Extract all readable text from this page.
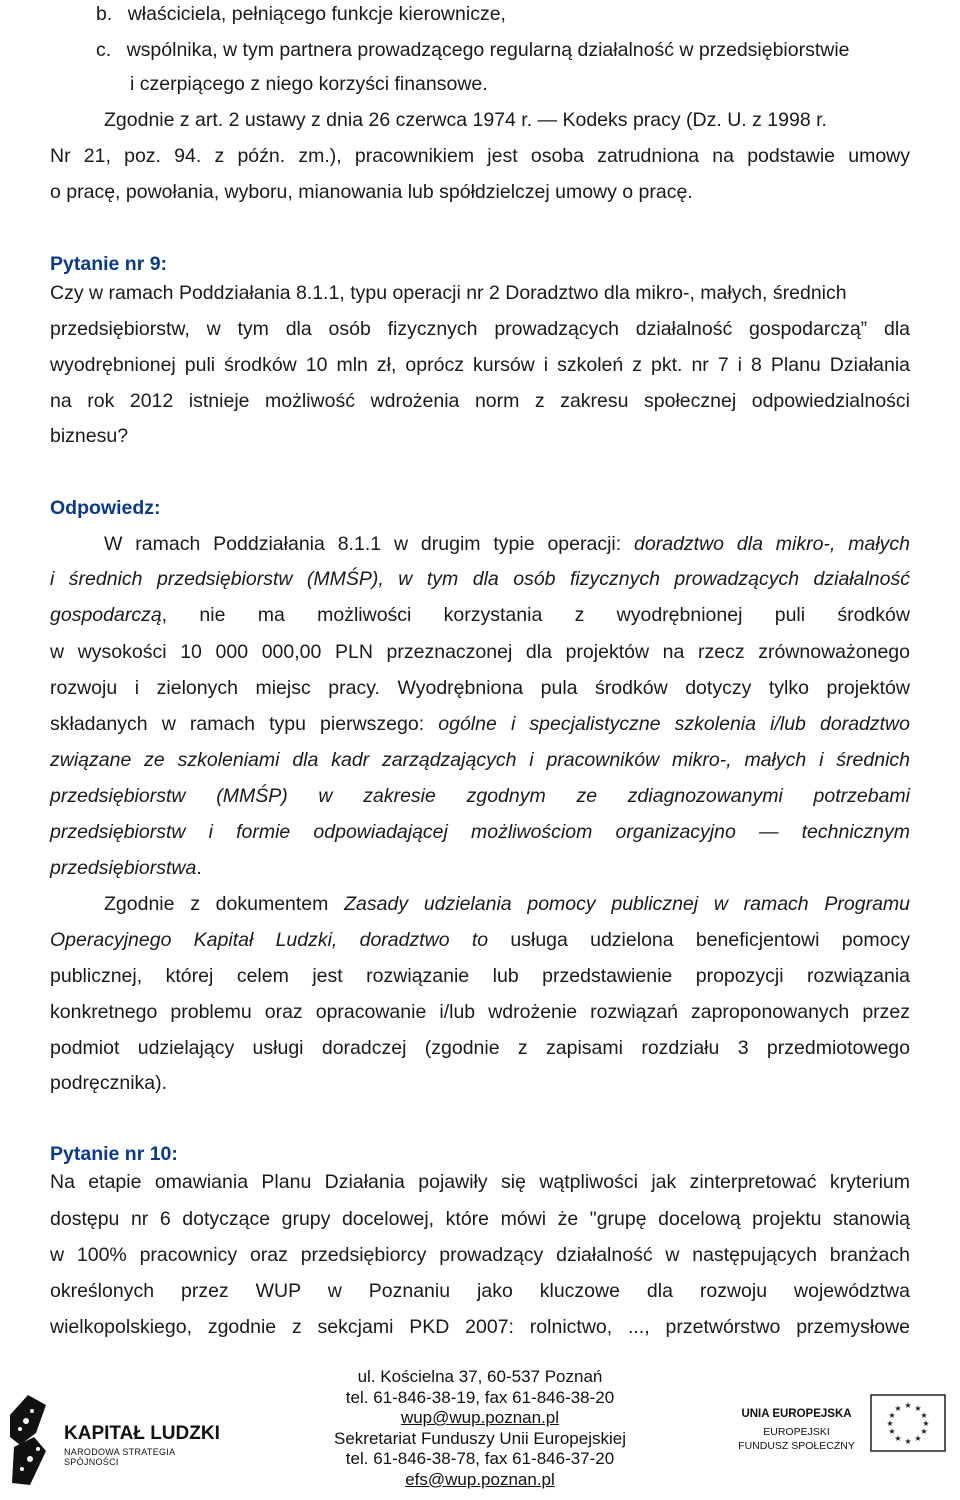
b. właściciela, pełniącego funkcje kierownicze,
c. wspólnika, w tym partnera prowadzącego regularną działalność w przedsiębiorstwie
i czerpiącego z niego korzyści finansowe.
Zgodnie z art. 2 ustawy z dnia 26 czerwca 1974 r. — Kodeks pracy (Dz. U. z 1998 r.
Nr 21, poz. 94. z późn. zm.), pracownikiem jest osoba zatrudniona na podstawie umowy
o pracę, powołania, wyboru, mianowania lub spółdzielczej umowy o pracę.
Pytanie nr 9:
Czy w ramach Poddziałania 8.1.1, typu operacji nr 2 Doradztwo dla mikro-, małych, średnich
przedsiębiorstw, w tym dla osób fizycznych prowadzących działalność gospodarczą” dla
wyodrębnionej puli środków 10 mln zł, oprócz kursów i szkoleń z pkt. nr 7 i 8 Planu Działania
na rok 2012 istnieje możliwość wdrożenia norm z zakresu społecznej odpowiedzialności
biznesu?
Odpowiedz:
W ramach Poddziałania 8.1.1 w drugim typie operacji: doradztwo dla mikro-, małych
i średnich przedsiębiorstw (MMŚP), w tym dla osób fizycznych prowadzących działalność
gospodarczą, nie ma możliwości korzystania z wyodrębnionej puli środków
w wysokości 10 000 000,00 PLN przeznaczonej dla projektów na rzecz zrównoważonego
rozwoju i zielonych miejsc pracy. Wyodrębniona pula środków dotyczy tylko projektów
składanych w ramach typu pierwszego: ogólne i specjalistyczne szkolenia i/lub doradztwo
związane ze szkoleniami dla kadr zarządzających i pracowników mikro-, małych i średnich
przedsiębiorstw (MMŚP) w zakresie zgodnym ze zdiagnozowanymi potrzebami
przedsiębiorstw i formie odpowiadającej możliwościom organizacyjno — technicznym
przedsiębiorstwa.
Zgodnie z dokumentem Zasady udzielania pomocy publicznej w ramach Programu
Operacyjnego Kapitał Ludzki, doradztwo to usługa udzielona beneficjentowi pomocy
publicznej, której celem jest rozwiązanie lub przedstawienie propozycji rozwiązania
konkretnego problemu oraz opracowanie i/lub wdrożenie rozwiązań zaproponowanych przez
podmiot udzielający usługi doradczej (zgodnie z zapisami rozdziału 3 przedmiotowego
podręcznika).
Pytanie nr 10:
Na etapie omawiania Planu Działania pojawiły się wątpliwości jak zinterpretować kryterium
dostępu nr 6 dotyczące grupy docelowej, które mówi że "grupę docelową projektu stanowią
w 100% pracownicy oraz przedsiębiorcy prowadzący działalność w następujących branżach
określonych przez WUP w Poznaniu jako kluczowe dla rozwoju województwa
wielkopolskiego, zgodnie z sekcjami PKD 2007: rolnictwo, ..., przetwórstwo przemysłowe
KAPITAŁ LUDZKI
NARODOWA STRATEGIA SPÓJNOŚCI
ul. Kościelna 37, 60-537 Poznań
tel. 61-846-38-19, fax 61-846-38-20
wup@wup.poznan.pl
Sekretariat Funduszy Unii Europejskiej
tel. 61-846-38-78, fax 61-846-37-20
efs@wup.poznan.pl
UNIA EUROPEJSKA
EUROPEJSKI
FUNDUSZ SPOŁECZNY
★ ★
★
★
★
★
★
★
★
★
★
★
